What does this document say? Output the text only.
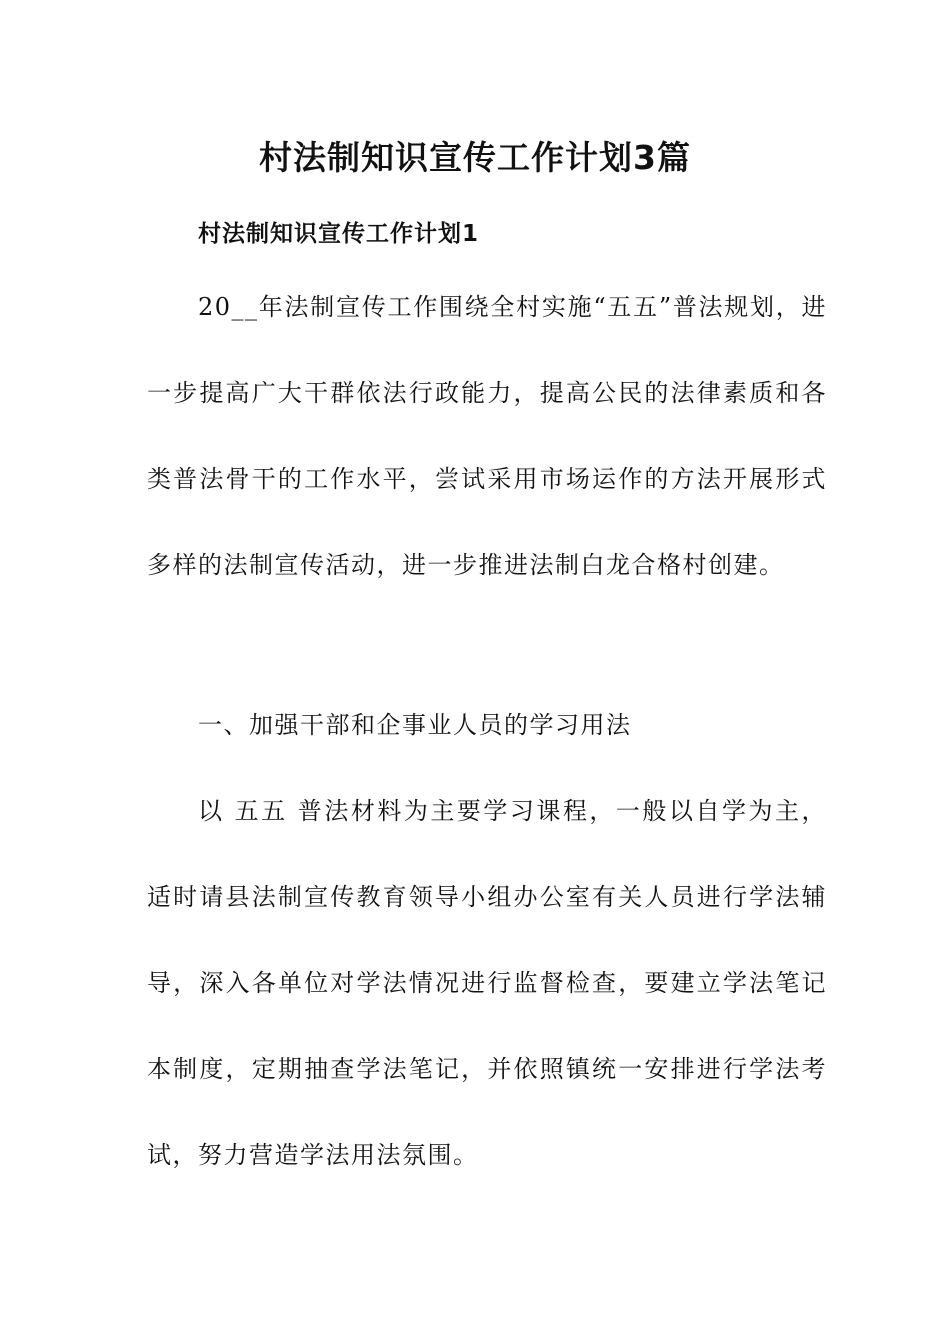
村法制知识宣传工作计划3篇
村法制知识宣传工作计划1

20__年法制宣传工作围绕全村实施“五五”普法规划，进一步提高广大干群依法行政能力，提高公民的法律素质和各类普法骨干的工作水平，尝试采用市场运作的方法开展形式多样的法制宣传活动，进一步推进法制白龙合格村创建。

一、加强干部和企事业人员的学习用法

以 五五 普法材料为主要学习课程，一般以自学为主，适时请县法制宣传教育领导小组办公室有关人员进行学法辅导，深入各单位对学法情况进行监督检查，要建立学法笔记本制度，定期抽查学法笔记，并依照镇统一安排进行学法考试，努力营造学法用法氛围。
